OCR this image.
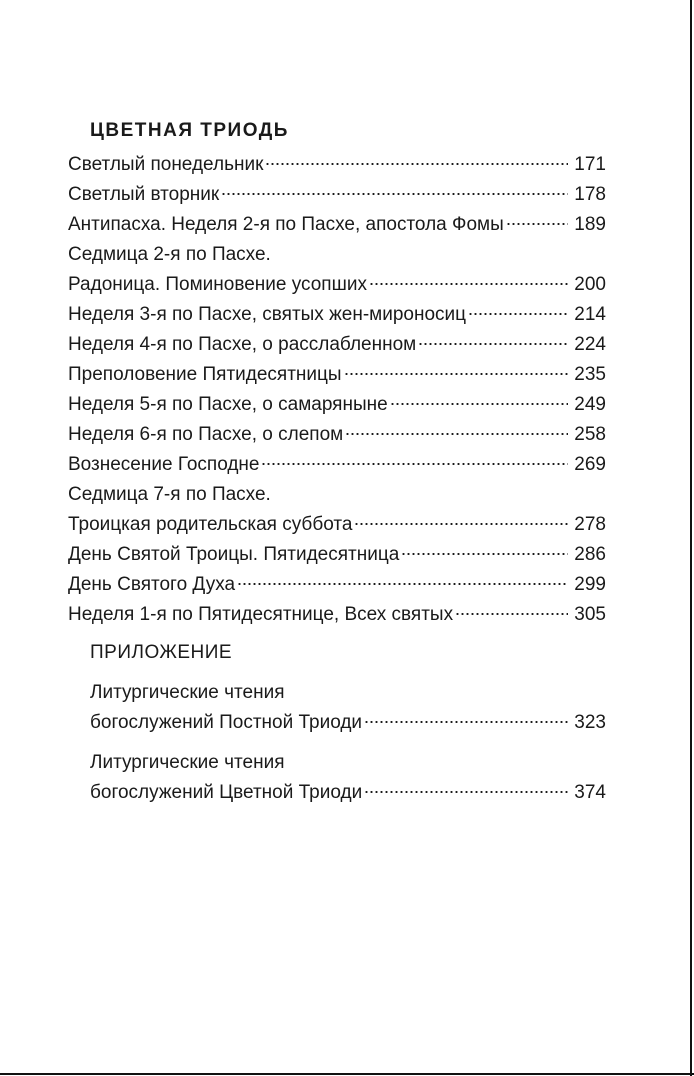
ЦВЕТНАЯ ТРИОДЬ
Светлый понедельник	171
Светлый вторник	178
Антипасха. Неделя 2-я по Пасхе, апостола Фомы	189
Седмица 2-я по Пасхе.
Радоница. Поминовение усопших	200
Неделя 3-я по Пасхе, святых жен-мироносиц	214
Неделя 4-я по Пасхе, о расслабленном	224
Преполовение Пятидесятницы	235
Неделя 5-я по Пасхе, о самаряныне	249
Неделя 6-я по Пасхе, о слепом	258
Вознесение Господне	269
Седмица 7-я по Пасхе.
Троицкая родительская суббота	278
День Святой Троицы. Пятидесятница	286
День Святого Духа	299
Неделя 1-я по Пятидесятнице, Всех святых	305
ПРИЛОЖЕНИЕ
Литургические чтения
богослужений Постной Триоди	323
Литургические чтения
богослужений Цветной Триоди	374
